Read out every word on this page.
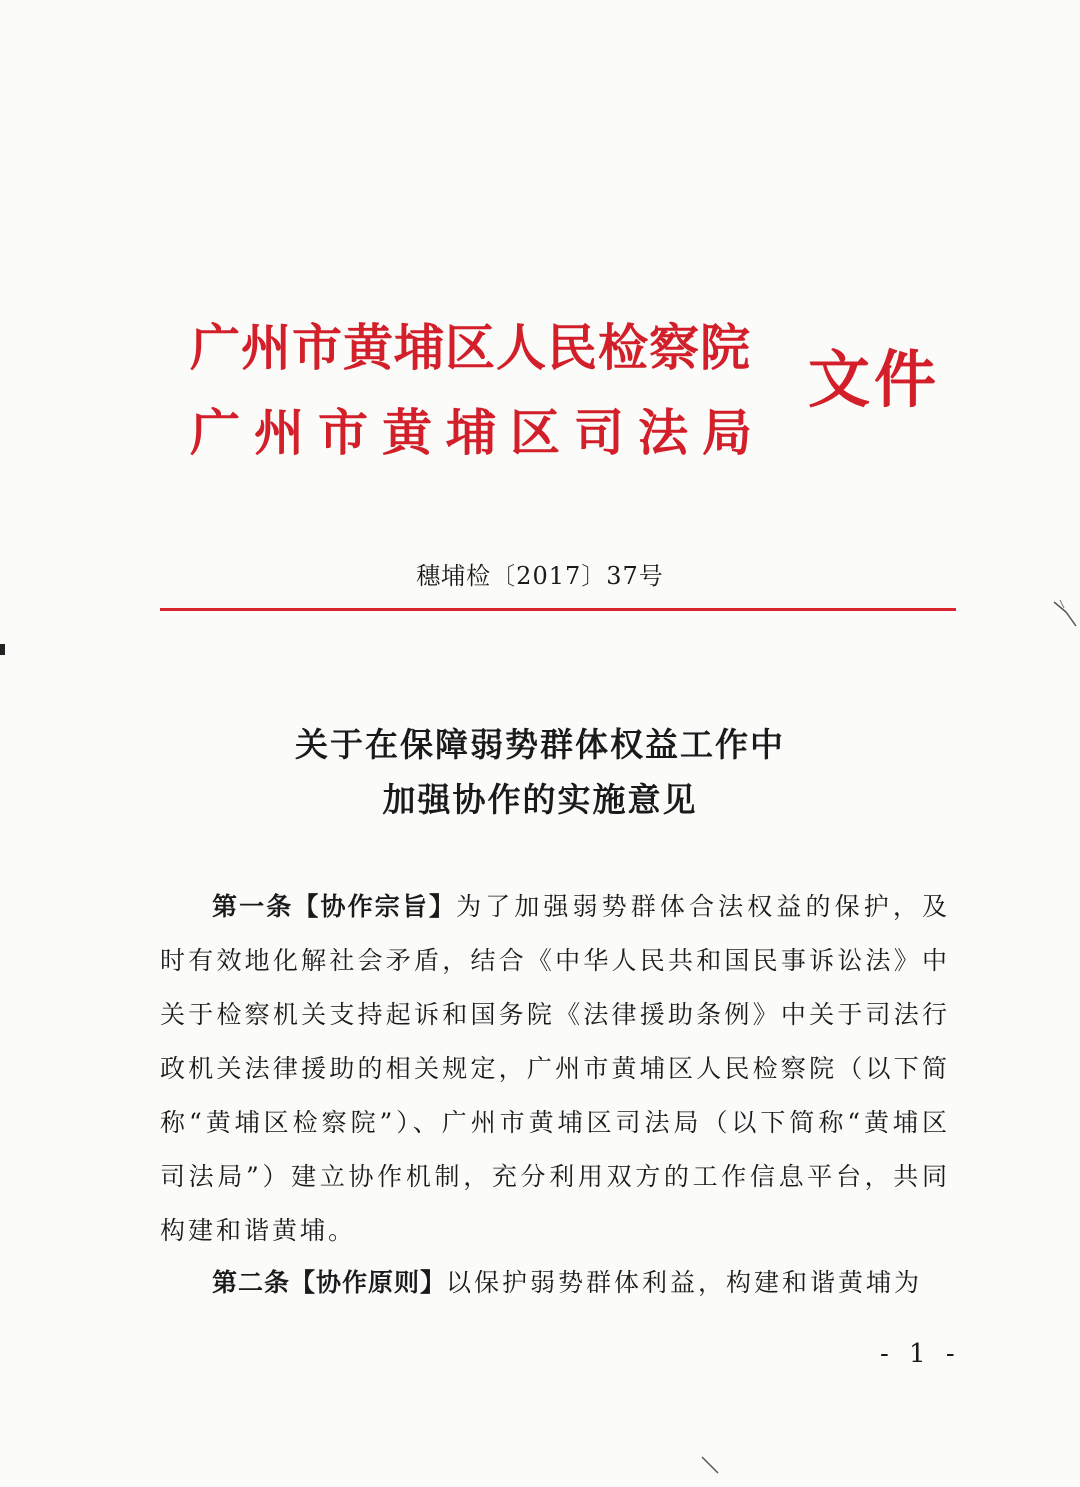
广州市黄埔区人民检察院
广州市黄埔区司法局
文件
穗埔检〔2017〕37号
关于在保障弱势群体权益工作中
加强协作的实施意见
第一条【协作宗旨】为了加强弱势群体合法权益的保护，及时有效地化解社会矛盾，结合《中华人民共和国民事诉讼法》中关于检察机关支持起诉和国务院《法律援助条例》中关于司法行政机关法律援助的相关规定，广州市黄埔区人民检察院（以下简称“黄埔区检察院”）、广州市黄埔区司法局（以下简称“黄埔区司法局”）建立协作机制，充分利用双方的工作信息平台，共同构建和谐黄埔。
第二条【协作原则】以保护弱势群体利益，构建和谐黄埔为
- 1 -
